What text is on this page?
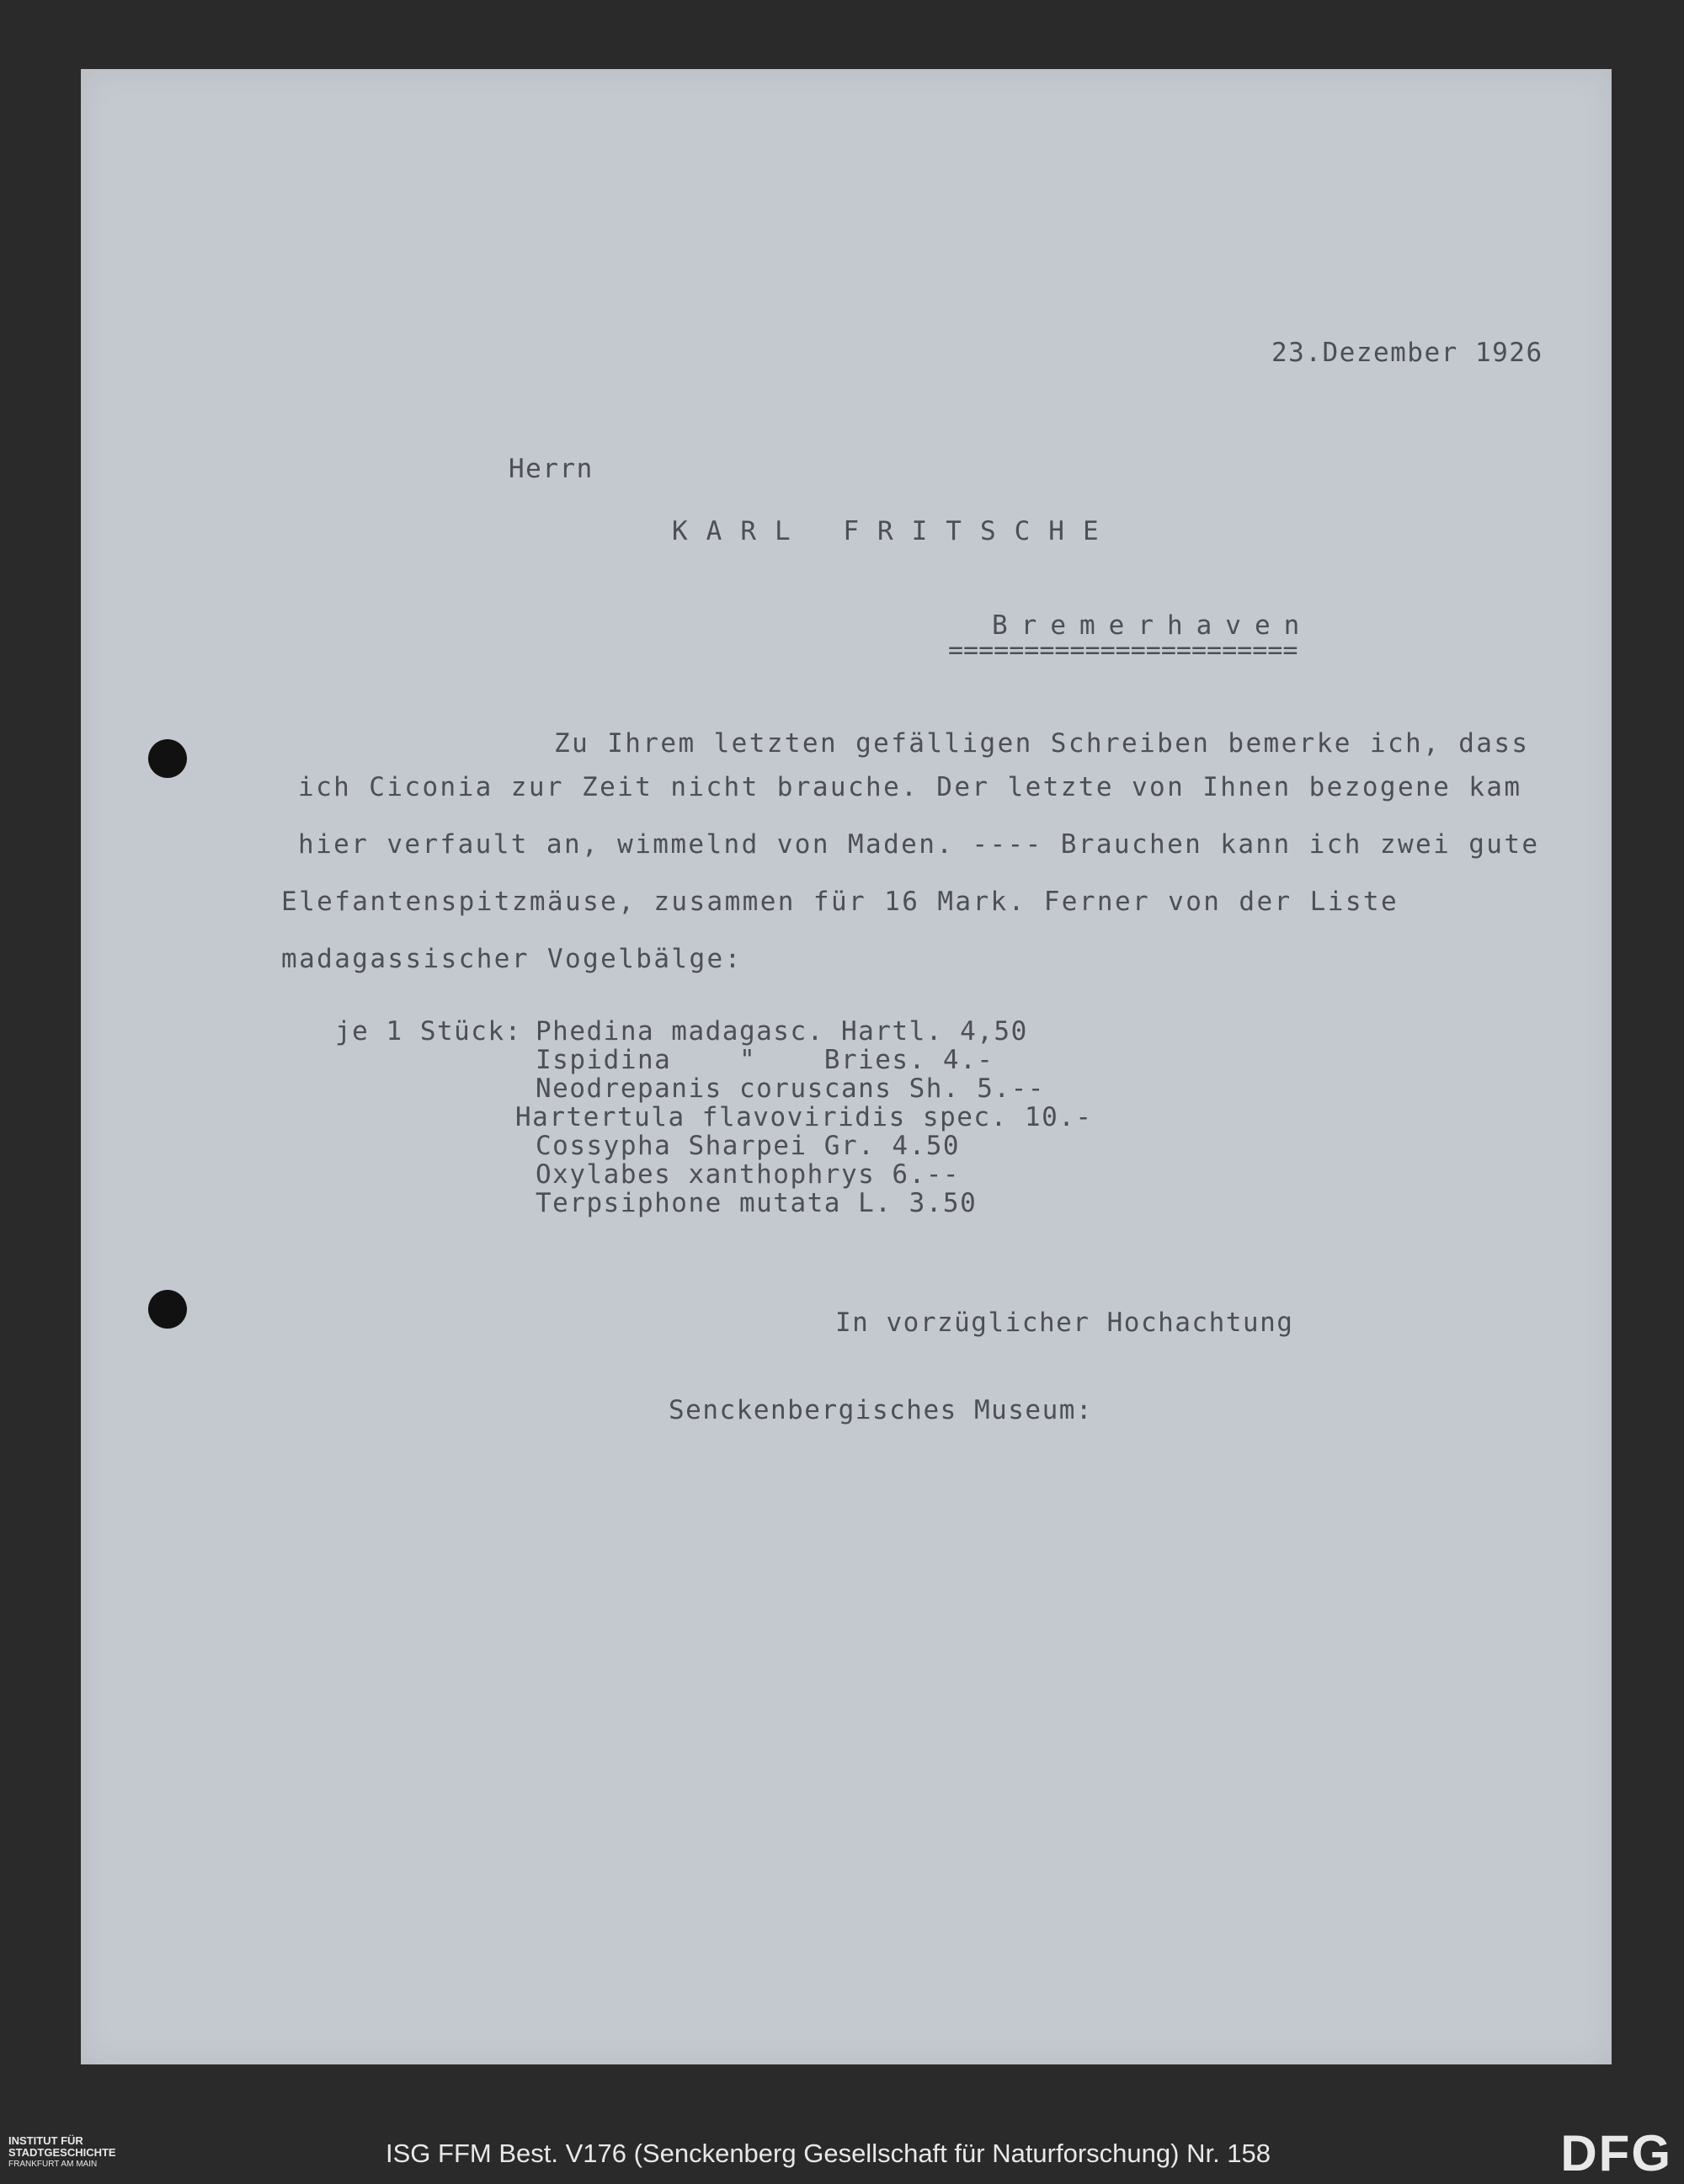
23.Dezember 1926
Herrn
KARL FRITSCHE
Bremerhaven
=======================
Zu Ihrem letzten gefälligen Schreiben bemerke ich, dass
ich Ciconia zur Zeit nicht brauche. Der letzte von Ihnen bezogene kam
hier verfault an, wimmelnd von Maden. ---- Brauchen kann ich zwei gute
Elefantenspitzmäuse, zusammen für 16 Mark. Ferner von der Liste
madagassischer Vogelbälge:
je 1 Stück: Phedina madagasc. Hartl. 4,50
Ispidina    "    Bries. 4.-
Neodrepanis coruscans Sh. 5.--
Hartertula flavoviridis spec. 10.-
Cossypha Sharpei Gr. 4.50
Oxylabes xanthophrys 6.--
Terpsiphone mutata L. 3.50
In vorzüglicher Hochachtung
Senckenbergisches Museum:
INSTITUT FÜR
STADTGESCHICHTE
FRANKFURT AM MAIN	ISG FFM Best. V176 (Senckenberg Gesellschaft für Naturforschung) Nr. 158	DFG
